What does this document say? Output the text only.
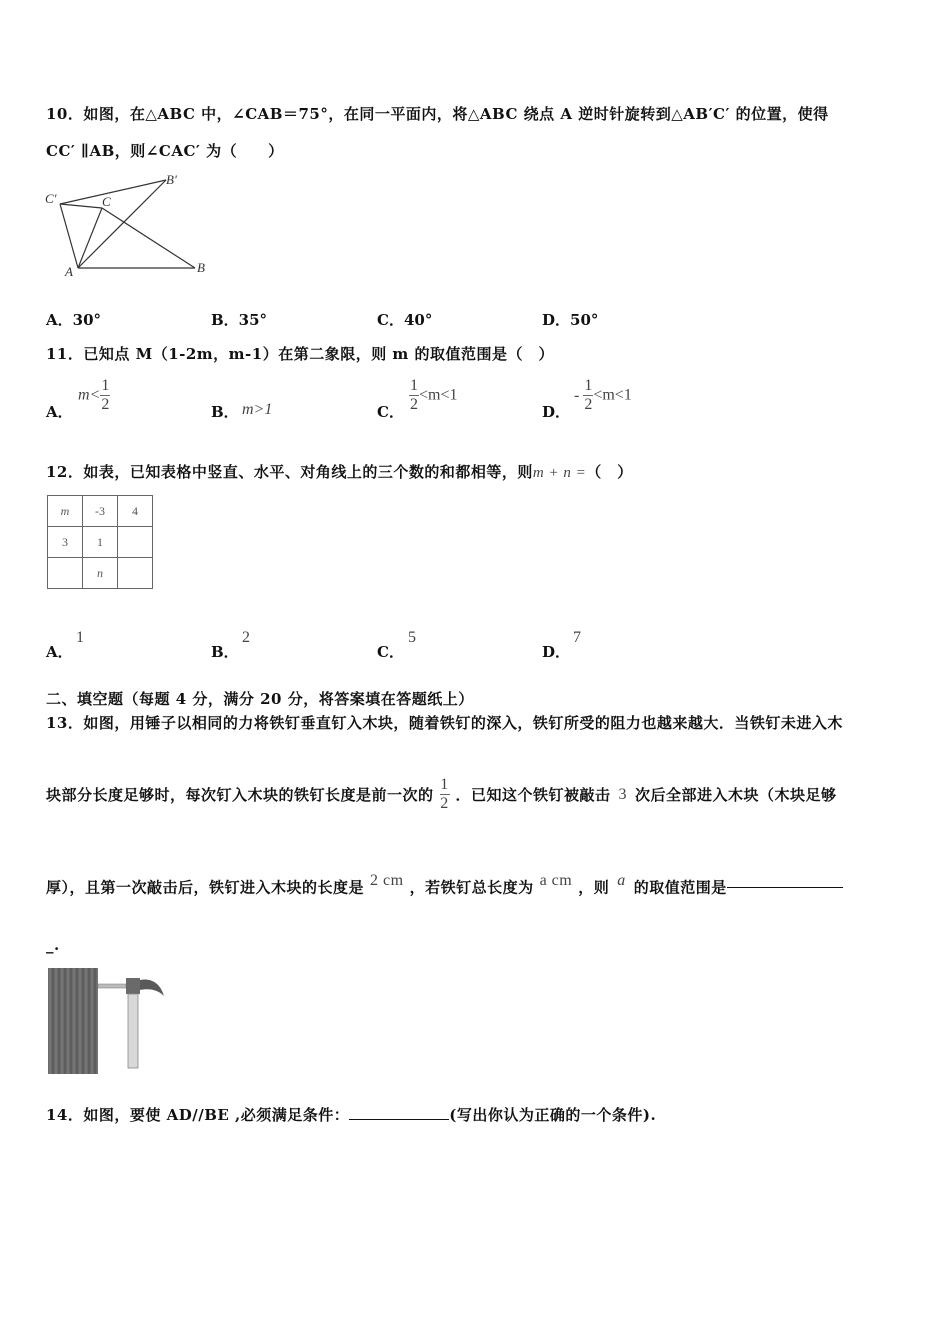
10．如图，在△ABC 中，∠CAB＝75°，在同一平面内，将△ABC 绕点 A 逆时针旋转到△AB′C′ 的位置，使得
CC′ ∥AB，则∠CAC′ 为（　　）
C'	C
B'
A	B
A．30°	B．35°	C．40°	D．50°
11．已知点 M（1-2m，m-1）在第二象限，则 m 的取值范围是（　）
A．
$m< \frac{1}{2}$	B． m>1	C． $\frac{1}{2} <m<1$
D．
- $\frac{1}{2} <m<1$
12．如表，已知表格中竖直、水平、对角线上的三个数的和都相等，则m + n =（　）
m	-3	4
3	1	
	n	
A．
1
B．
2
C．
5
D．
7
二、填空题（每题 4 分，满分 20 分，将答案填在答题纸上）
13．如图，用锤子以相同的力将铁钉垂直钉入木块，随着铁钉的深入，铁钉所受的阻力也越来越大．当铁钉未进入木
块部分长度足够时，每次钉入木块的铁钉长度是前一次的 $\frac{1}{2}$ ．已知这个铁钉被敲击 3 次后全部进入木块（木块足够
厚），且第一次敲击后，铁钉进入木块的长度是 2 cm ，若铁钉总长度为 a cm ，则 a 的取值范围是
_.
14．如图，要使 AD//BE ,必须满足条件：	(写出你认为正确的一个条件).
